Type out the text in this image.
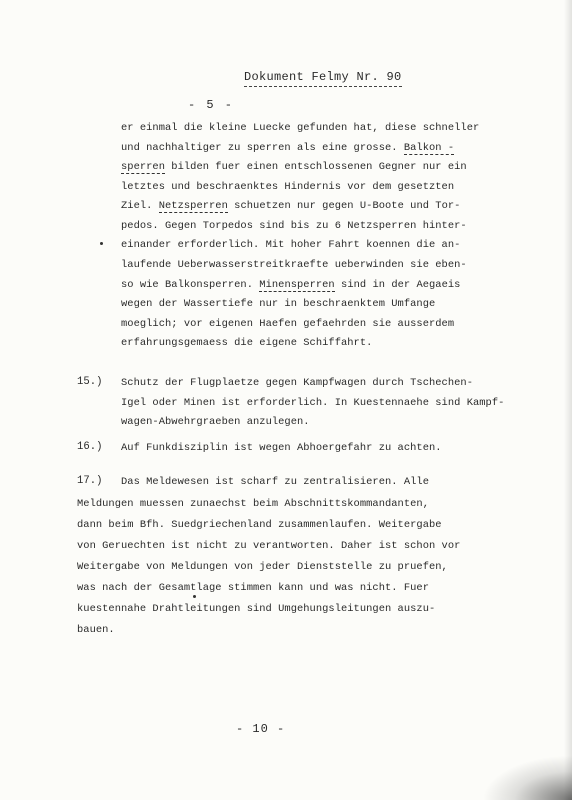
Dokument Felmy Nr. 90
- 5 -
er einmal die kleine Luecke gefunden hat, diese schneller
und nachhaltiger zu sperren als eine grosse. Balkon -
sperren bilden fuer einen entschlossenen Gegner nur ein
letztes und beschraenktes Hindernis vor dem gesetzten
Ziel. Netzsperren schuetzen nur gegen U-Boote und Tor-
pedos. Gegen Torpedos sind bis zu 6 Netzsperren hinter-
einander erforderlich. Mit hoher Fahrt koennen die an-
laufende Ueberwasserstreitkraefte ueberwinden sie eben-
so wie Balkonsperren. Minensperren sind in der Aegaeis
wegen der Wassertiefe nur in beschraenktem Umfange
moeglich; vor eigenen Haefen gefaehrden sie ausserdem
erfahrungsgemaess die eigene Schiffahrt.
15.) Schutz der Flugplaetze gegen Kampfwagen durch Tschechen-
Igel oder Minen ist erforderlich. In Kuestennaehe sind Kampf-
wagen-Abwehrgraeben anzulegen.
16.) Auf Funkdisziplin ist wegen Abhoergefahr zu achten.
17.) Das Meldewesen ist scharf zu zentralisieren. Alle
Meldungen muessen zunaechst beim Abschnittskommandanten,
dann beim Bfh. Suedgriechenland zusammenlaufen. Weitergabe
von Geruechten ist nicht zu verantworten. Daher ist schon vor
Weitergabe von Meldungen von jeder Dienststelle zu pruefen,
was nach der Gesamtlage stimmen kann und was nicht. Fuer
kuestennahe Drahtleitungen sind Umgehungsleitungen auszu-
bauen.
- 10 -
